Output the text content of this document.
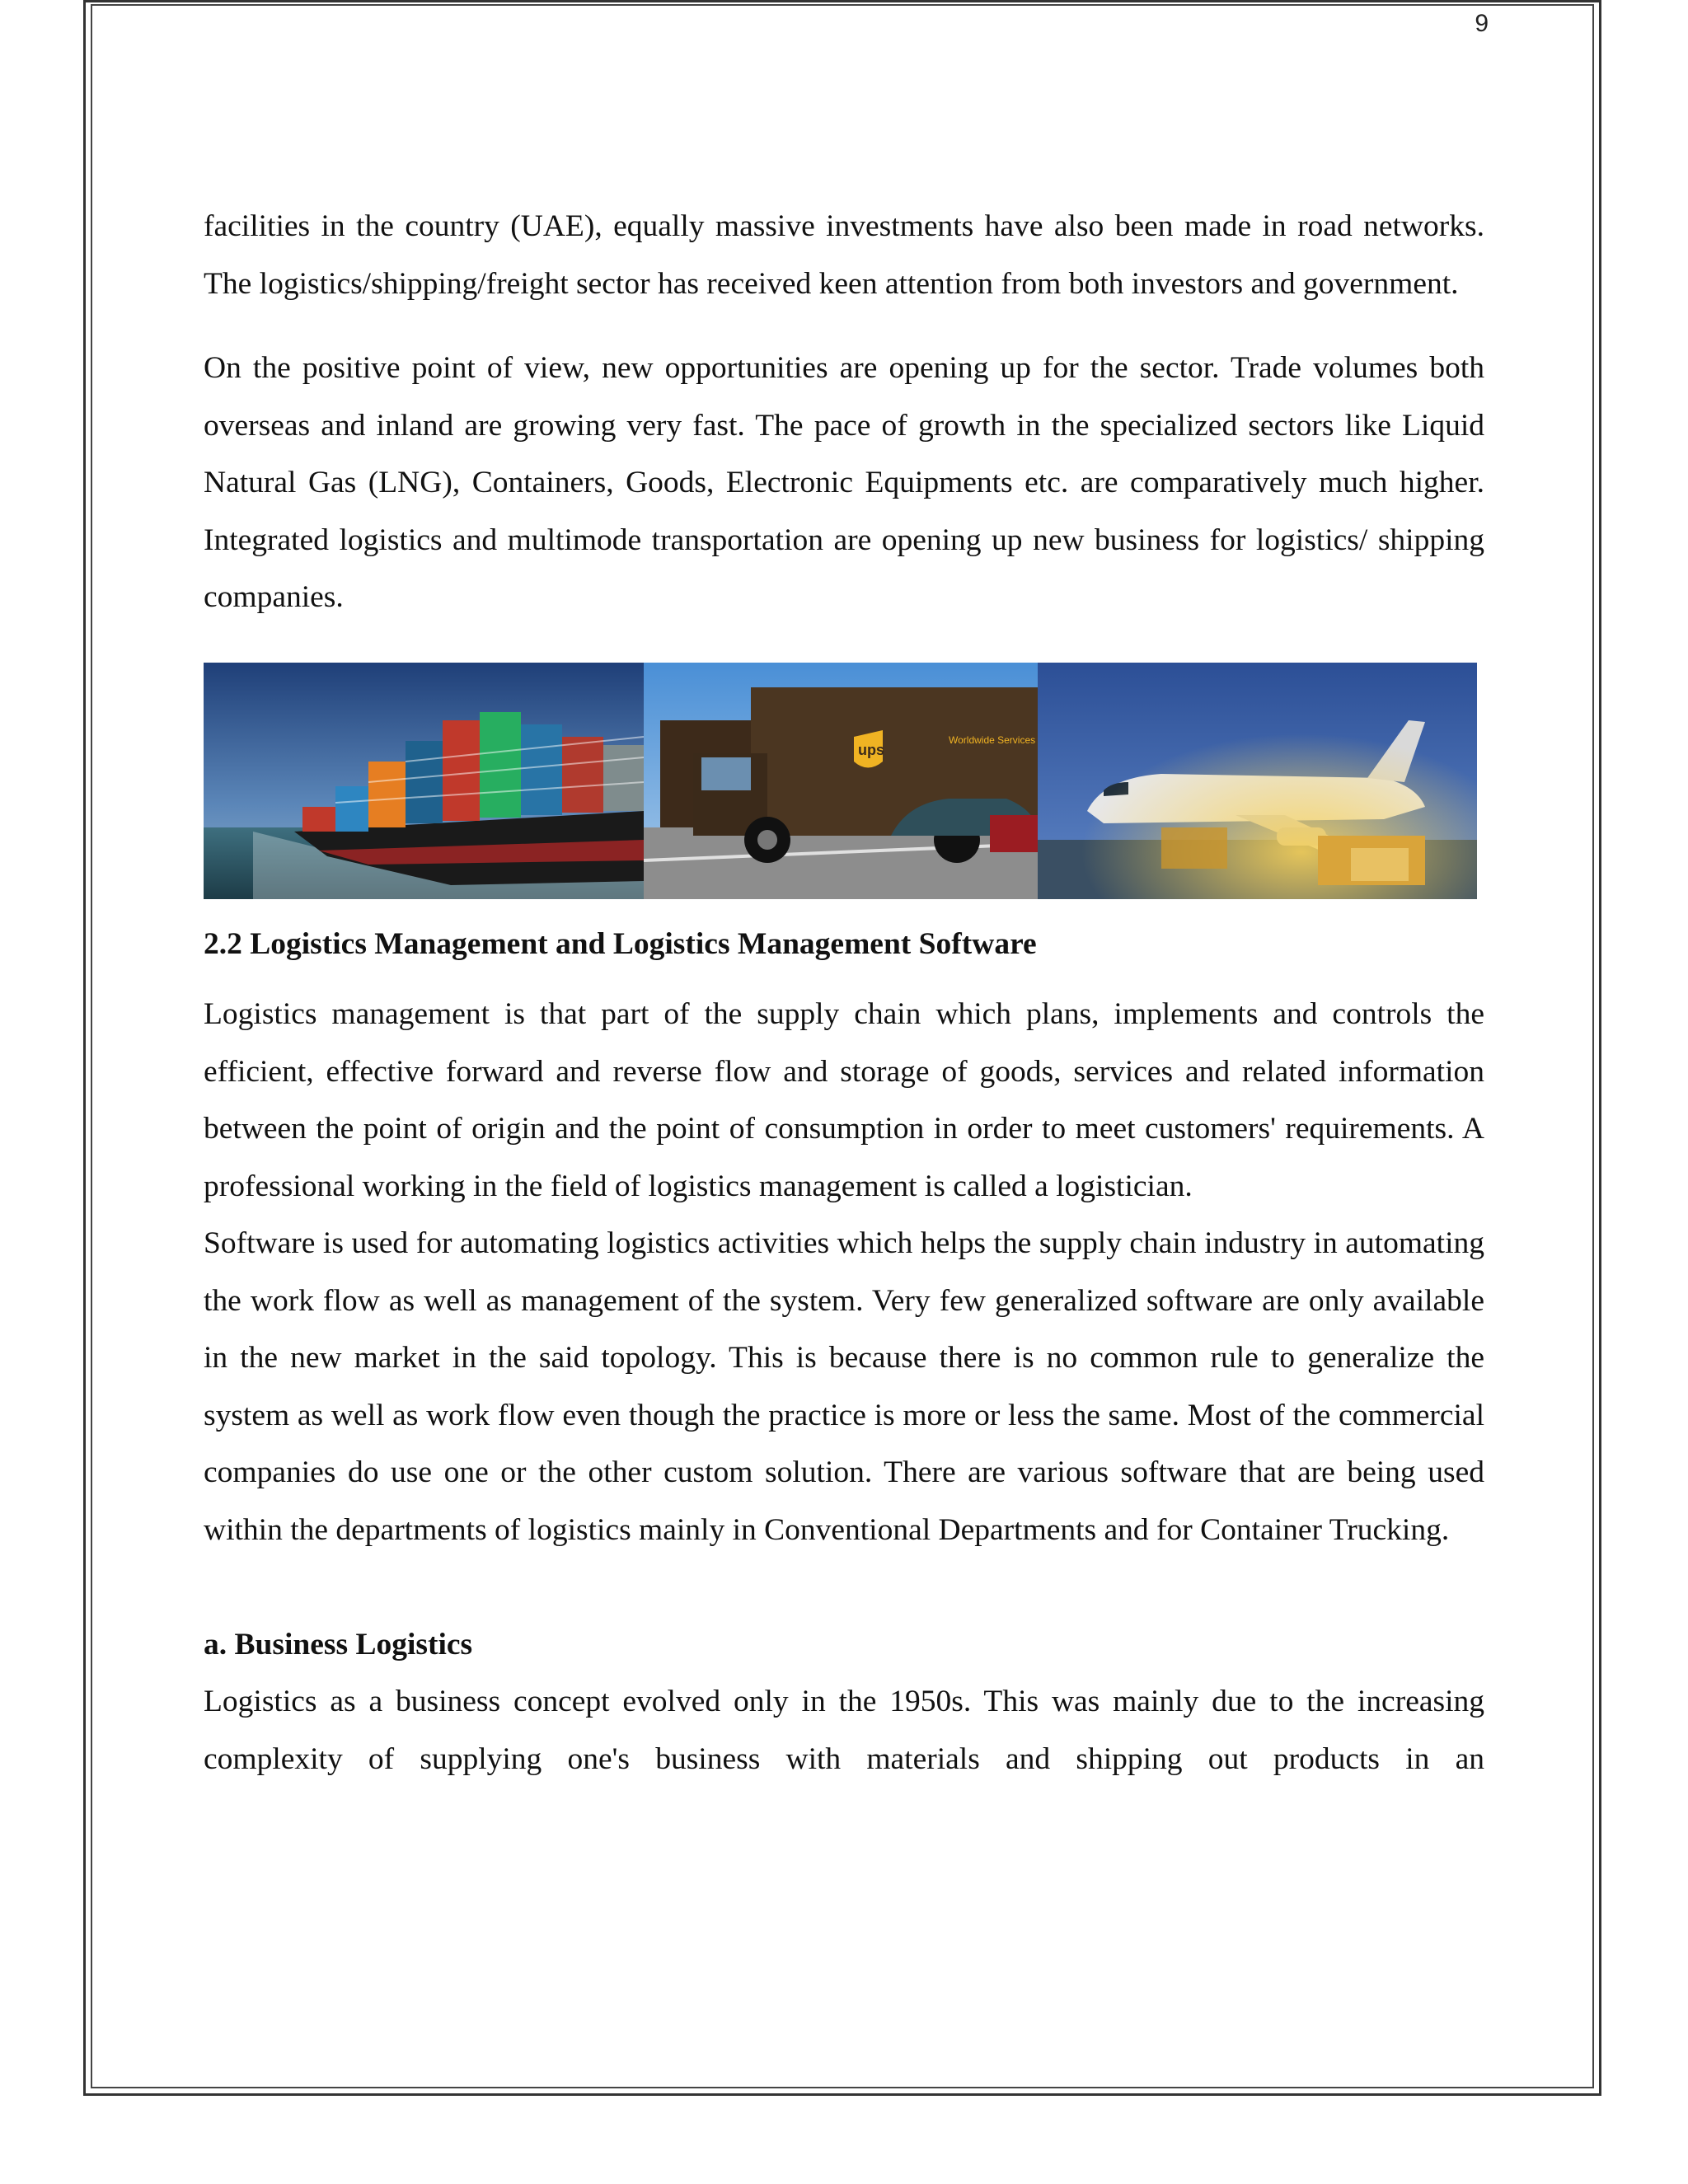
9

facilities in the country (UAE), equally massive investments have also been made in road networks. The logistics/shipping/freight sector has received keen attention from both investors and government.

On the positive point of view, new opportunities are opening up for the sector. Trade volumes both overseas and inland are growing very fast. The pace of growth in the specialized sectors like Liquid Natural Gas (LNG), Containers, Goods, Electronic Equipments etc. are comparatively much higher. Integrated logistics and multimode transportation are opening up new business for logistics/ shipping companies.

ups
Worldwide Services

2.2 Logistics Management and Logistics Management Software

Logistics management is that part of the supply chain which plans, implements and controls the efficient, effective forward and reverse flow and storage of goods, services and related information between the point of origin and the point of consumption in order to meet customers' requirements. A professional working in the field of logistics management is called a logistician.

Software is used for automating logistics activities which helps the supply chain industry in automating the work flow as well as management of the system. Very few generalized software are only available in the new market in the said topology. This is because there is no common rule to generalize the system as well as work flow even though the practice is more or less the same. Most of the commercial companies do use one or the other custom solution. There are various software that are being used within the departments of logistics mainly in Conventional Departments and for Container Trucking.

a. Business Logistics

Logistics as a business concept evolved only in the 1950s. This was mainly due to the increasing complexity of supplying one's business with materials and shipping out products in an
